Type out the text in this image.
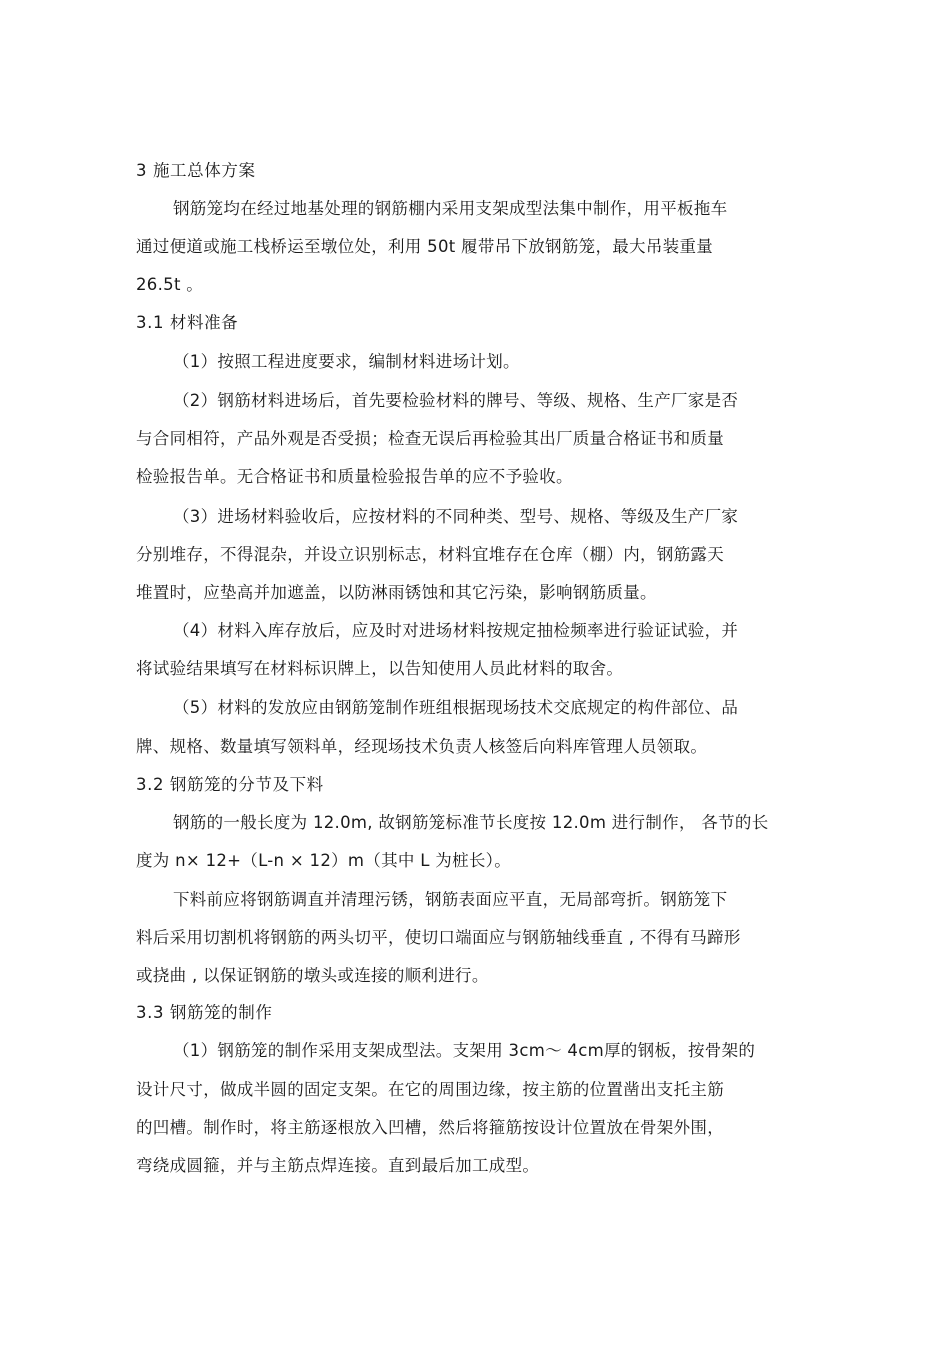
3 施工总体方案
钢筋笼均在经过地基处理的钢筋棚内采用支架成型法集中制作，用平板拖车
通过便道或施工栈桥运至墩位处，利用 50t 履带吊下放钢筋笼，最大吊装重量
26.5t 。
3.1 材料准备
（1）按照工程进度要求，编制材料进场计划。
（2）钢筋材料进场后，首先要检验材料的牌号、等级、规格、生产厂家是否
与合同相符，产品外观是否受损；检查无误后再检验其出厂质量合格证书和质量
检验报告单。无合格证书和质量检验报告单的应不予验收。
（3）进场材料验收后，应按材料的不同种类、型号、规格、等级及生产厂家
分别堆存，不得混杂，并设立识别标志，材料宜堆存在仓库（棚）内，钢筋露天
堆置时，应垫高并加遮盖，以防淋雨锈蚀和其它污染，影响钢筋质量。
（4）材料入库存放后，应及时对进场材料按规定抽检频率进行验证试验，并
将试验结果填写在材料标识牌上，以告知使用人员此材料的取舍。
（5）材料的发放应由钢筋笼制作班组根据现场技术交底规定的构件部位、品
牌、规格、数量填写领料单，经现场技术负责人核签后向料库管理人员领取。
3.2 钢筋笼的分节及下料
钢筋的一般长度为 12.0m, 故钢筋笼标准节长度按 12.0m 进行制作， 各节的长
度为 n× 12+（L-n × 12）m（其中 L 为桩长）。
下料前应将钢筋调直并清理污锈，钢筋表面应平直，无局部弯折。钢筋笼下
料后采用切割机将钢筋的两头切平，使切口端面应与钢筋轴线垂直 , 不得有马蹄形
或挠曲 , 以保证钢筋的墩头或连接的顺利进行。
3.3 钢筋笼的制作
（1）钢筋笼的制作采用支架成型法。支架用 3cm～ 4cm厚的钢板，按骨架的
设计尺寸，做成半圆的固定支架。在它的周围边缘，按主筋的位置凿出支托主筋
的凹槽。制作时，将主筋逐根放入凹槽，然后将箍筋按设计位置放在骨架外围，
弯绕成圆箍，并与主筋点焊连接。直到最后加工成型。
